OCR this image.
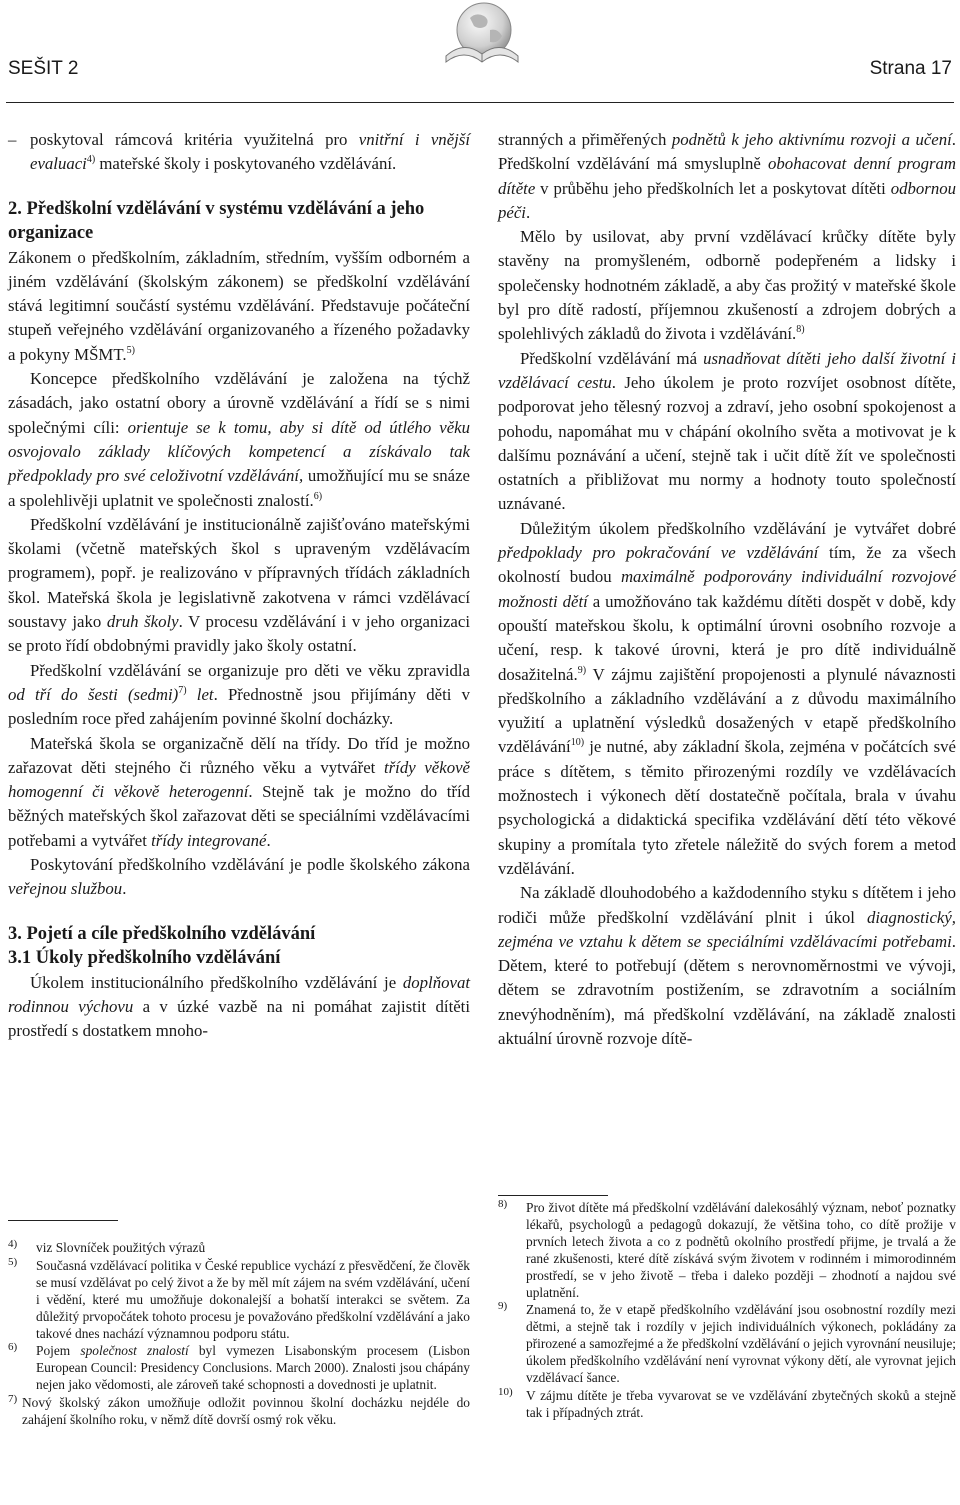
SEŠIT 2	Strana 17

– poskytoval rámcová kritéria využitelná pro vnitřní i vnější evaluaci$^{4)}$ mateřské školy i poskytovaného vzdělávání.

2. Předškolní vzdělávání v systému vzdělávání a jeho organizace

Zákonem o předškolním, základním, středním, vyšším odborném a jiném vzdělávání (školským zákonem) se předškolní vzdělávání stává legitimní součástí systému vzdělávání. Představuje počáteční stupeň veřejného vzdělávání organizovaného a řízeného požadavky a pokyny MŠMT.$^{5)}$

Koncepce předškolního vzdělávání je založena na týchž zásadách, jako ostatní obory a úrovně vzdělávání a řídí se s nimi společnými cíli: orientuje se k tomu, aby si dítě od útlého věku osvojovalo základy klíčových kompetencí a získávalo tak předpoklady pro své celoživotní vzdělávání, umožňující mu se snáze a spolehlivěji uplatnit ve společnosti znalostí.$^{6)}$

Předškolní vzdělávání je institucionálně zajišťováno mateřskými školami (včetně mateřských škol s upraveným vzdělávacím programem), popř. je realizováno v přípravných třídách základních škol. Mateřská škola je legislativně zakotvena v rámci vzdělávací soustavy jako druh školy. V procesu vzdělávání i v jeho organizaci se proto řídí obdobnými pravidly jako školy ostatní.

Předškolní vzdělávání se organizuje pro děti ve věku zpravidla od tří do šesti (sedmi)$^{7)}$ let. Přednostně jsou přijímány děti v posledním roce před zahájením povinné školní docházky.

Mateřská škola se organizačně dělí na třídy. Do tříd je možno zařazovat děti stejného či různého věku a vytvářet třídy věkově homogenní či věkově heterogenní. Stejně tak je možno do tříd běžných mateřských škol zařazovat děti se speciálními vzdělávacími potřebami a vytvářet třídy integrované.

Poskytování předškolního vzdělávání je podle školského zákona veřejnou službou.

3. Pojetí a cíle předškolního vzdělávání
3.1 Úkoly předškolního vzdělávání

Úkolem institucionálního předškolního vzdělávání je doplňovat rodinnou výchovu a v úzké vazbě na ni pomáhat zajistit dítěti prostředí s dostatkem mnoho-

stranných a přiměřených podnětů k jeho aktivnímu rozvoji a učení. Předškolní vzdělávání má smysluplně obohacovat denní program dítěte v průběhu jeho předškolních let a poskytovat dítěti odbornou péči.

Mělo by usilovat, aby první vzdělávací krůčky dítěte byly stavěny na promyšleném, odborně podepřeném a lidsky i společensky hodnotném základě, a aby čas prožitý v mateřské škole byl pro dítě radostí, příjemnou zkušeností a zdrojem dobrých a spolehlivých základů do života i vzdělávání.$^{8)}$

Předškolní vzdělávání má usnadňovat dítěti jeho další životní i vzdělávací cestu. Jeho úkolem je proto rozvíjet osobnost dítěte, podporovat jeho tělesný rozvoj a zdraví, jeho osobní spokojenost a pohodu, napomáhat mu v chápání okolního světa a motivovat je k dalšímu poznávání a učení, stejně tak i učit dítě žít ve společnosti ostatních a přibližovat mu normy a hodnoty touto společností uznávané.

Důležitým úkolem předškolního vzdělávání je vytvářet dobré předpoklady pro pokračování ve vzdělávání tím, že za všech okolností budou maximálně podporovány individuální rozvojové možnosti dětí a umožňováno tak každému dítěti dospět v době, kdy opouští mateřskou školu, k optimální úrovni osobního rozvoje a učení, resp. k takové úrovni, která je pro dítě individuálně dosažitelná.$^{9)}$ V zájmu zajištění propojenosti a plynulé návaznosti předškolního a základního vzdělávání a z důvodu maximálního využití a uplatnění výsledků dosažených v etapě předškolního vzdělávání$^{10)}$ je nutné, aby základní škola, zejména v počátcích své práce s dítětem, s těmito přirozenými rozdíly ve vzdělávacích možnostech i výkonech dětí dostatečně počítala, brala v úvahu psychologická a didaktická specifika vzdělávání dětí této věkové skupiny a promítala tyto zřetele náležitě do svých forem a metod vzdělávání.

Na základě dlouhodobého a každodenního styku s dítětem i jeho rodiči může předškolní vzdělávání plnit i úkol diagnostický, zejména ve vztahu k dětem se speciálními vzdělávacími potřebami. Dětem, které to potřebují (dětem s nerovnoměrnostmi ve vývoji, dětem se zdravotním postižením, se zdravotním a sociálním znevýhodněním), má předškolní vzdělávání, na základě znalosti aktuální úrovně rozvoje dítě-

4) viz Slovníček použitých výrazů

5) Současná vzdělávací politika v České republice vychází z přesvědčení, že člověk se musí vzdělávat po celý život a že by měl mít zájem na svém vzdělávání, učení i vědění, které mu umožňuje dokonalejší a bohatší interakci se světem. Za důležitý prvopočátek tohoto procesu je považováno předškolní vzdělávání a jako takové dnes nachází významnou podporu státu.

6) Pojem společnost znalostí byl vymezen Lisabonským procesem (Lisbon European Council: Presidency Conclusions. March 2000). Znalosti jsou chápány nejen jako vědomosti, ale zároveň také schopnosti a dovednosti je uplatnit.

7) Nový školský zákon umožňuje odložit povinnou školní docházku nejdéle do zahájení školního roku, v němž dítě dovrší osmý rok věku.

8) Pro život dítěte má předškolní vzdělávání dalekosáhlý význam, neboť poznatky lékařů, psychologů a pedagogů dokazují, že většina toho, co dítě prožije v prvních letech života a co z podnětů okolního prostředí přijme, je trvalá a že rané zkušenosti, které dítě získává svým životem v rodinném i mimorodinném prostředí, se v jeho životě – třeba i daleko později – zhodnotí a najdou své uplatnění.

9) Znamená to, že v etapě předškolního vzdělávání jsou osobnostní rozdíly mezi dětmi, a stejně tak i rozdíly v jejich individuálních výkonech, pokládány za přirozené a samozřejmé a že předškolní vzdělávání o jejich vyrovnání neusiluje; úkolem předškolního vzdělávání není vyrovnat výkony dětí, ale vyrovnat jejich vzdělávací šance.

10) V zájmu dítěte je třeba vyvarovat se ve vzdělávání zbytečných skoků a stejně tak i případných ztrát.
